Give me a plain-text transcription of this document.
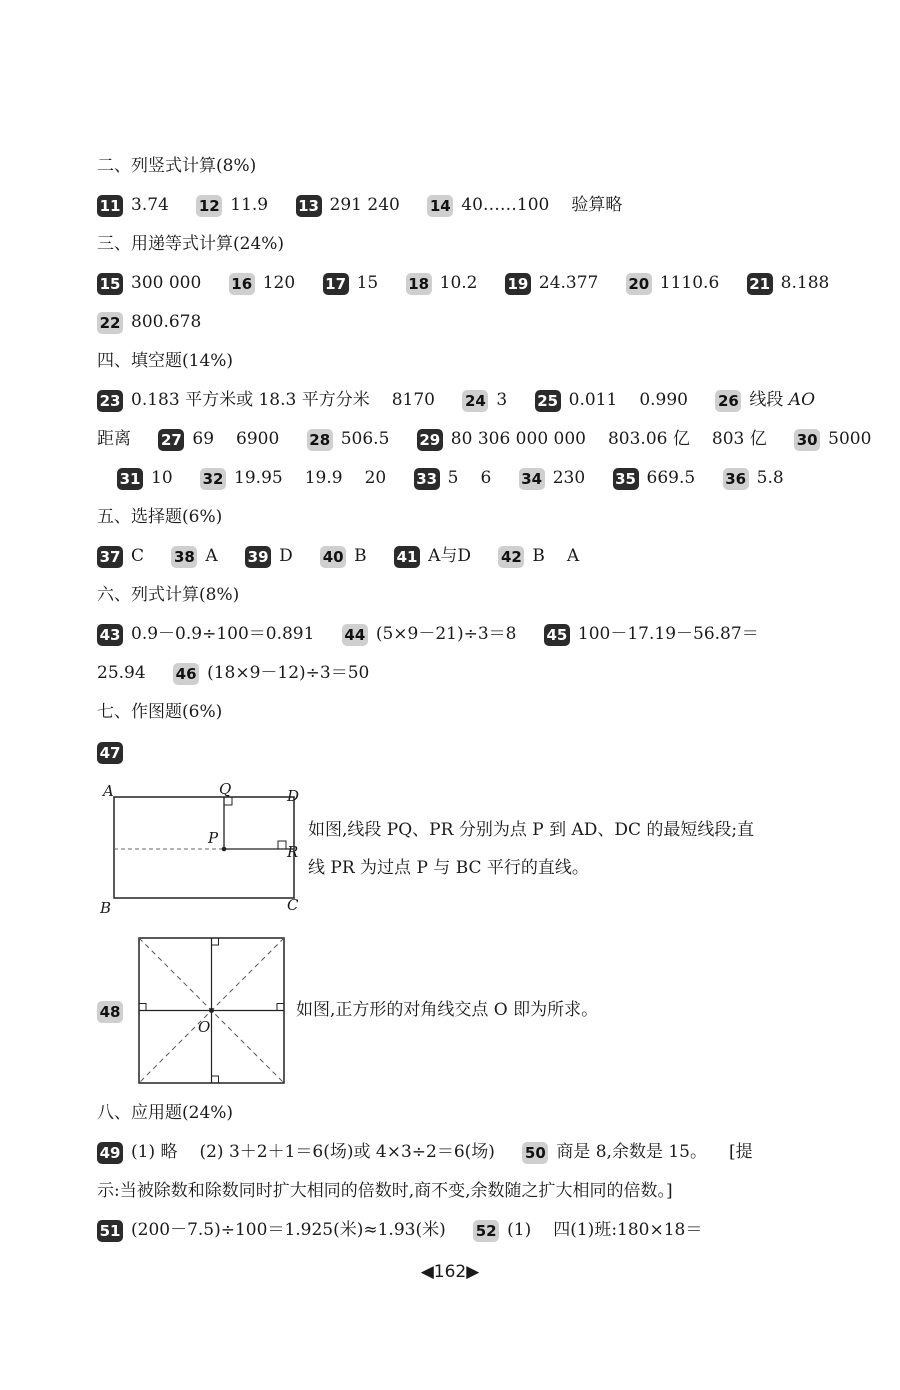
二、列竖式计算(8%)
11 3.74 12 11.9 13 291 240 14 40……100 验算略
三、用递等式计算(24%)
15 300 000 16 120 17 15 18 10.2 19 24.377 20 1110.6 21 8.188
22 800.678
四、填空题(14%)
23 0.183 平方米或 18.3 平方分米 8170 24 3 25 0.011 0.990 26 线段 AO
距离 27 69 6900 28 506.5 29 80 306 000 000 803.06 亿 803 亿 30 5000
31 10 32 19.95 19.9 20 33 5 6 34 230 35 669.5 36 5.8
五、选择题(6%)
37 C 38 A 39 D 40 B 41 A与D 42 B A
六、列式计算(8%)
43 0.9－0.9÷100＝0.891 44 (5×9－21)÷3＝8 45 100－17.19－56.87＝
25.94 46 (18×9－12)÷3＝50
七、作图题(6%)
47
A	Q	D
P
R
B	C
如图,线段 PQ、PR 分别为点 P 到 AD、DC 的最短线段;直
线 PR 为过点 P 与 BC 平行的直线。
48
O
如图,正方形的对角线交点 O 即为所求。
八、应用题(24%)
49 (1) 略 (2) 3＋2＋1＝6(场)或 4×3÷2＝6(场) 50 商是 8,余数是 15。 [提
示:当被除数和除数同时扩大相同的倍数时,商不变,余数随之扩大相同的倍数。]
51 (200－7.5)÷100＝1.925(米)≈1.93(米) 52 (1) 四(1)班:180×18＝
◀162▶
